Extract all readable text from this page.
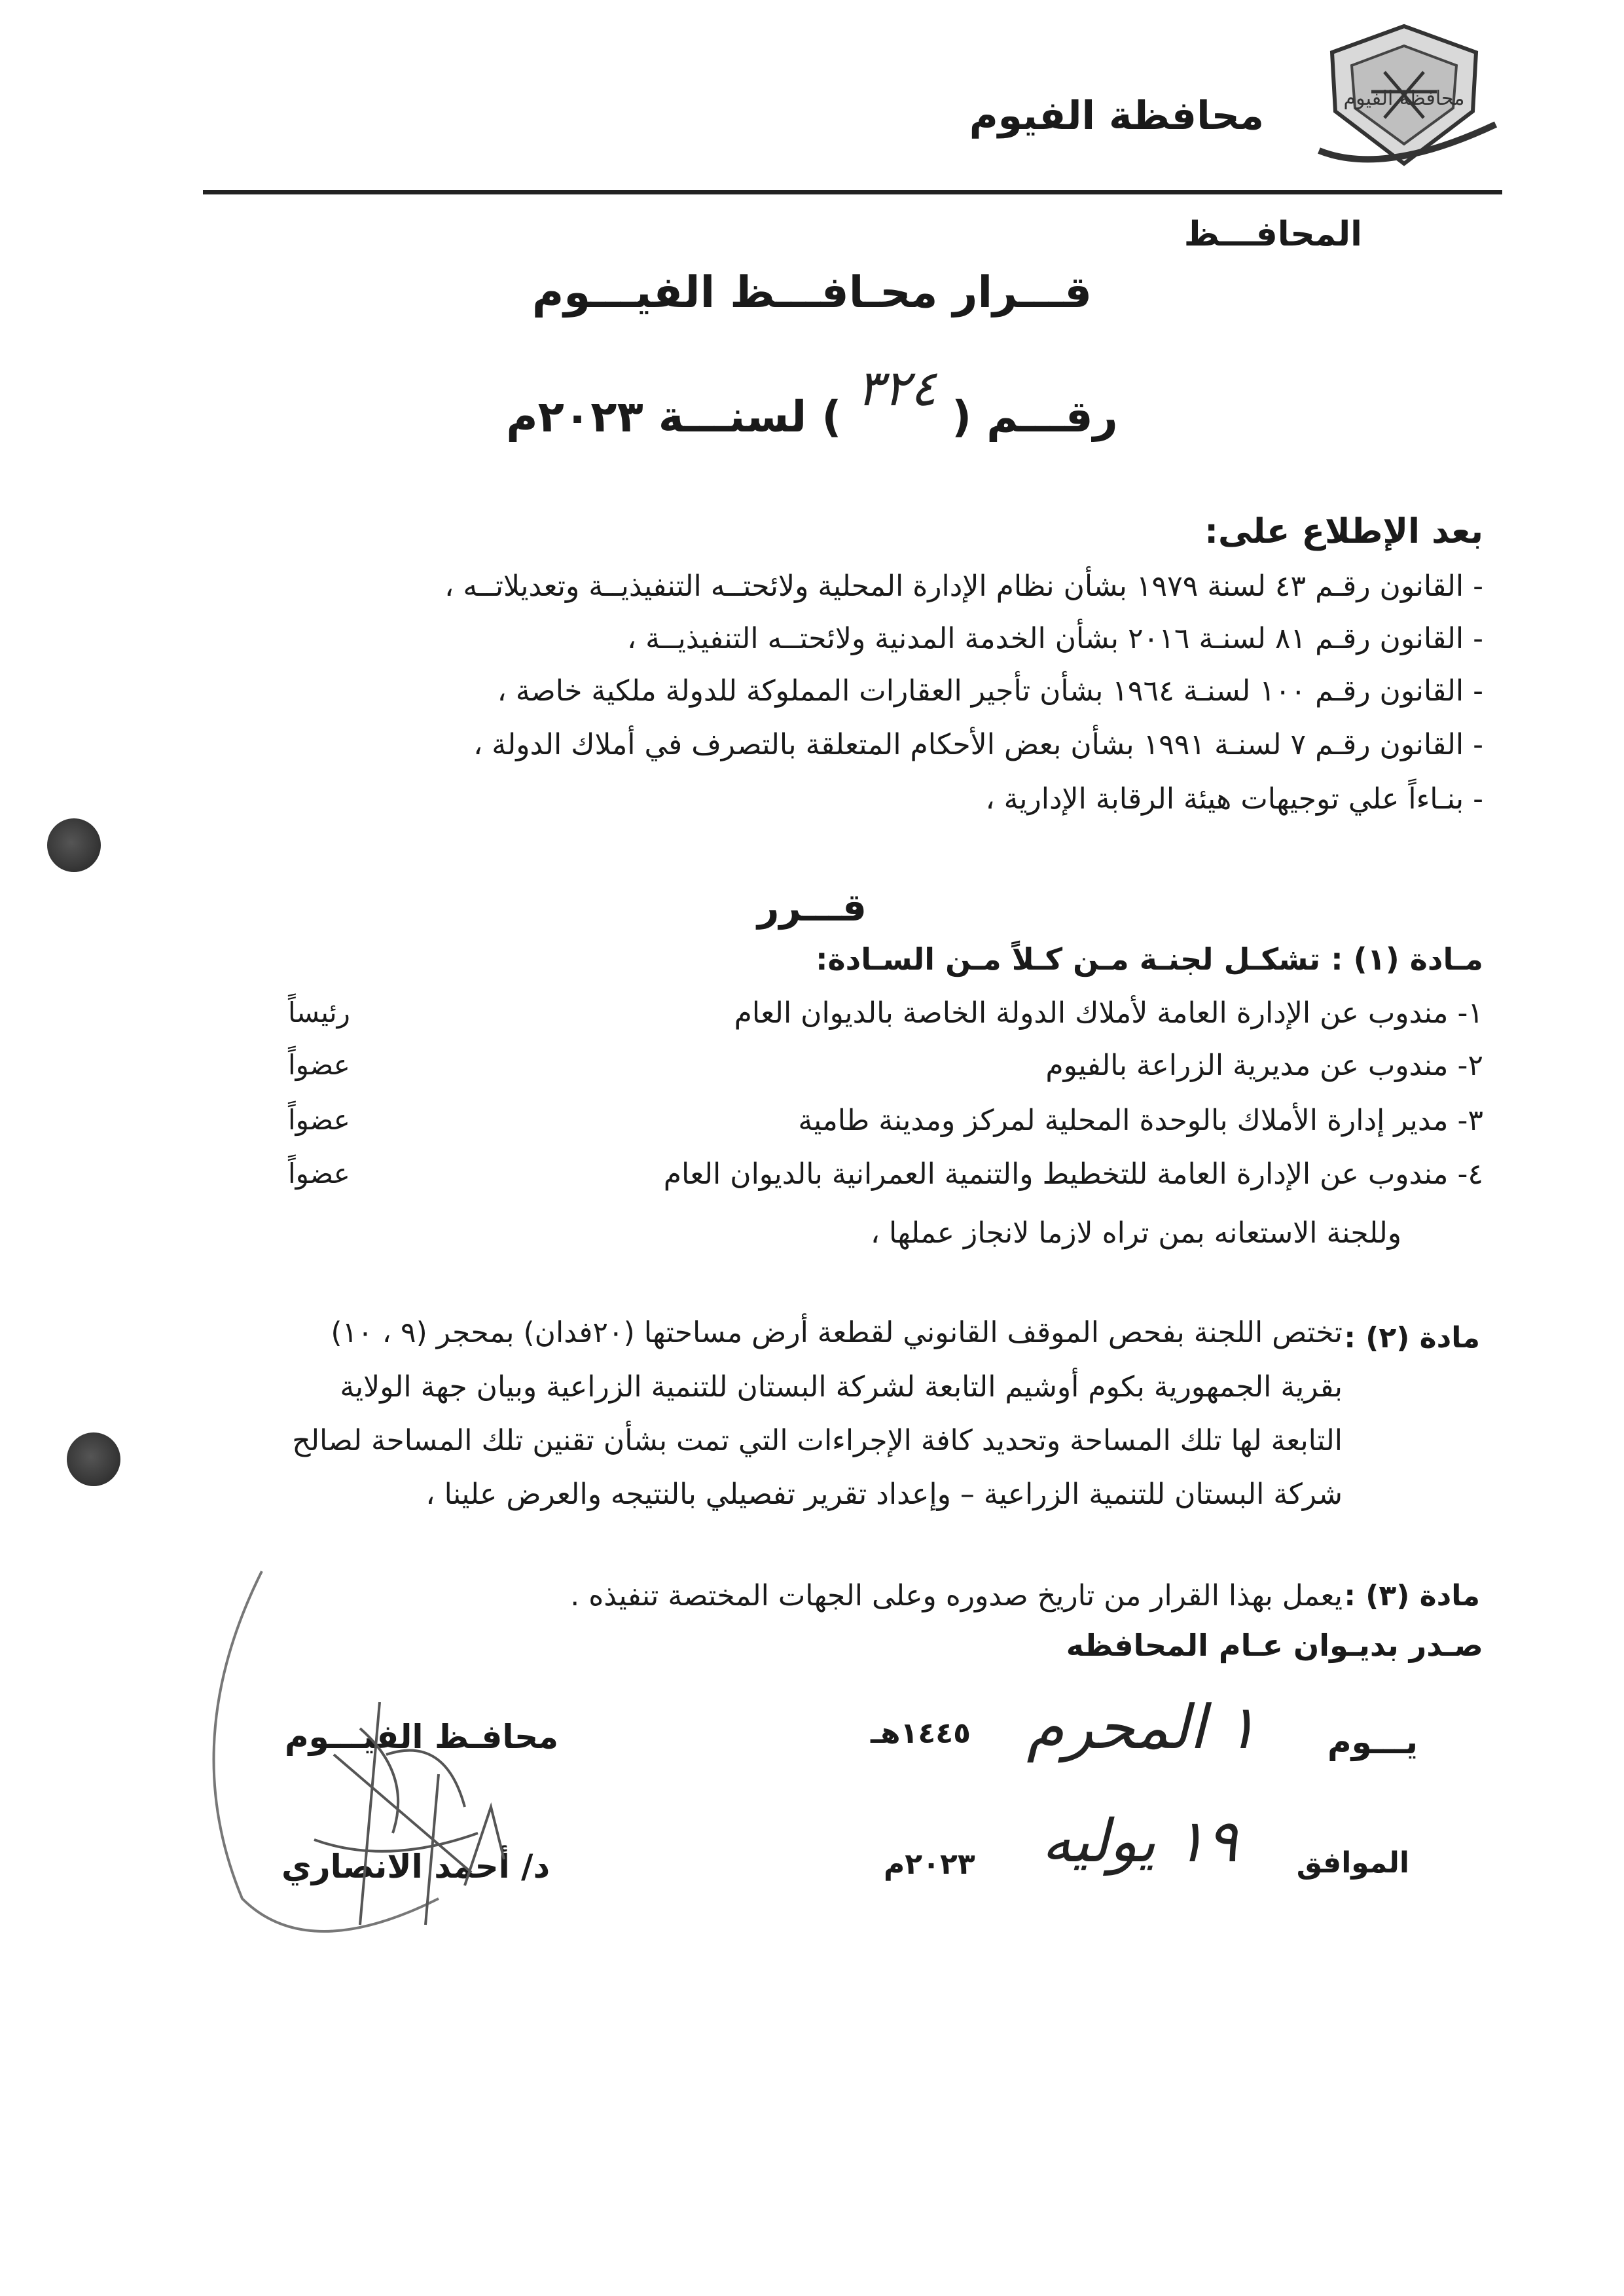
محافظة الفيوم
محافظة الفيوم
المحافـــظ
قـــرار محـافـــظ الفيـــوم
رقـــم ( ٣٢٤ ) لسنـــة ٢٠٢٣م
بعد الإطلاع على:
- القانون رقـم ٤٣ لسنة ١٩٧٩ بشأن نظام الإدارة المحلية ولائحتــه التنفيذيــة وتعديلاتــه ،
- القانون رقـم ٨١ لسنـة ٢٠١٦ بشأن الخدمة المدنية ولائحتــه التنفيذيــة ،
- القانون رقـم ١٠٠ لسنـة ١٩٦٤ بشأن تأجير العقارات المملوكة للدولة ملكية خاصة ،
- القانون رقـم ٧ لسنـة ١٩٩١ بشأن بعض الأحكام المتعلقة بالتصرف في أملاك الدولة ،
- بنـاءاً علي توجيهات هيئة الرقابة الإدارية ،
قـــرر
مـادة (١) : تشكـل لجنـة مـن كـلاً مـن السـادة:
١- مندوب عن الإدارة العامة لأملاك الدولة الخاصة بالديوان العام
رئيساً
٢- مندوب عن مديرية الزراعة بالفيوم
عضواً
٣- مدير إدارة الأملاك بالوحدة المحلية لمركز ومدينة طامية
عضواً
٤- مندوب عن الإدارة العامة للتخطيط والتنمية العمرانية بالديوان العام
عضواً
وللجنة الاستعانه بمن تراه لازما لانجاز عملها ،
مادة (٢) :
تختص اللجنة بفحص الموقف القانوني لقطعة أرض مساحتها (٢٠فدان) بمحجر (٩ ، ١٠)
بقرية الجمهورية بكوم أوشيم التابعة لشركة البستان للتنمية الزراعية وبيان جهة الولاية
التابعة لها تلك المساحة وتحديد كافة الإجراءات التي تمت بشأن تقنين تلك المساحة لصالح
شركة البستان للتنمية الزراعية – وإعداد تقرير تفصيلي بالنتيجه والعرض علينا ،
مادة (٣) :
يعمل بهذا القرار من تاريخ صدوره وعلى الجهات المختصة تنفيذه .
صـدر بديـوان عـام المحافظه
يـــوم
١ المحرم
١٤٤٥هـ
الموافق
١٩ يوليه
٢٠٢٣م
محافـظ الفيـــوم
د/ أحمد الانصاري
